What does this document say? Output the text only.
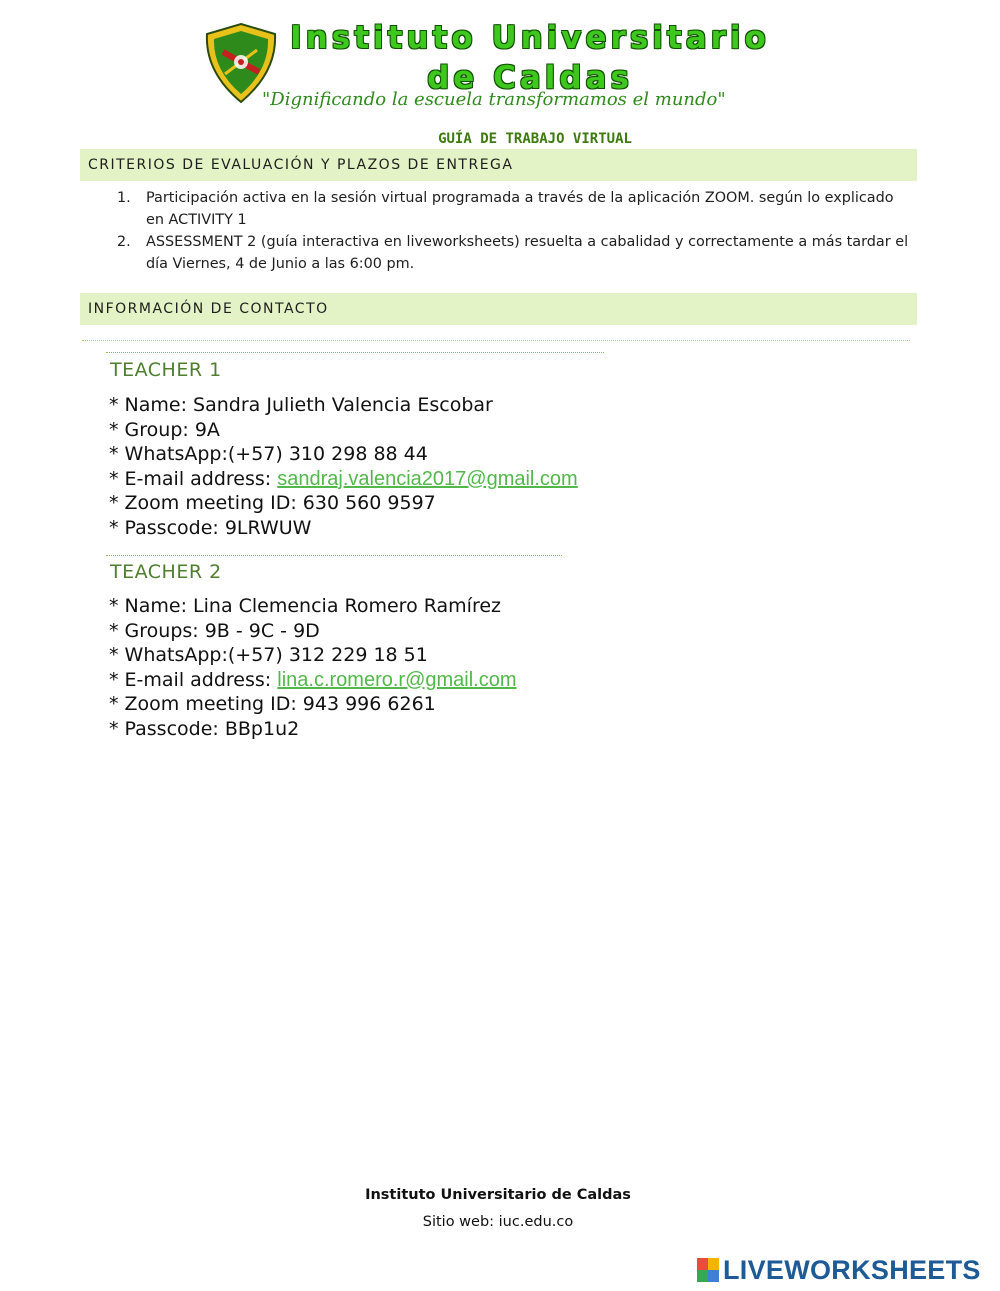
Instituto Universitario de Caldas
"Dignificando la escuela transformamos el mundo"
GUÍA DE TRABAJO VIRTUAL
CRITERIOS DE EVALUACIÓN Y PLAZOS DE ENTREGA
1. Participación activa en la sesión virtual programada a través de la aplicación ZOOM. según lo explicado en ACTIVITY 1
2. ASSESSMENT 2 (guía interactiva en liveworksheets) resuelta a cabalidad y correctamente a más tardar el día Viernes, 4 de Junio a las 6:00 pm.
INFORMACIÓN DE CONTACTO
TEACHER 1
* Name: Sandra Julieth Valencia Escobar
* Group: 9A
* WhatsApp:(+57) 310 298 88 44
* E-mail address: sandraj.valencia2017@gmail.com
* Zoom meeting ID: 630 560 9597
* Passcode: 9LRWUW
TEACHER 2
* Name: Lina Clemencia Romero Ramírez
* Groups: 9B - 9C - 9D
* WhatsApp:(+57) 312 229 18 51
* E-mail address: lina.c.romero.r@gmail.com
* Zoom meeting ID: 943 996 6261
* Passcode: BBp1u2
Instituto Universitario de Caldas
Sitio web: iuc.edu.co
LIVEWORKSHEETS
